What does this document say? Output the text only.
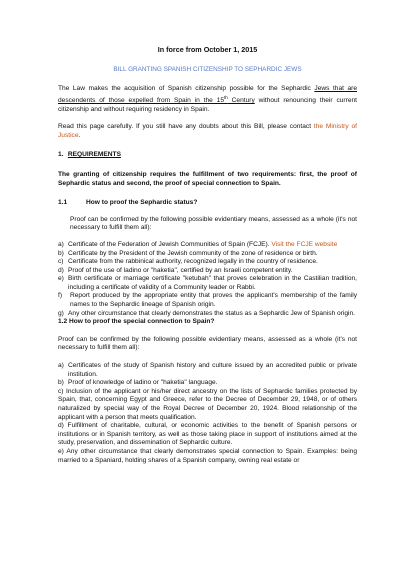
In force from October 1, 2015

BILL GRANTING SPANISH CITIZENSHIP TO SEPHARDIC JEWS

The Law makes the acquisition of Spanish citizenship possible for the Sephardic Jews that are descendents of those expelled from Spain in the 15th Century without renouncing their current citizenship and without requiring residency in Spain.

Read this page carefully. If you still have any doubts about this Bill, please contact the Ministry of Justice.

1. REQUIREMENTS

The granting of citizenship requires the fulfillment of two requirements: first, the proof of Sephardic status and second, the proof of special connection to Spain.

1.1	How to proof the Sephardic status?

Proof can be confirmed by the following possible evidentiary means, assessed as a whole (it's not necessary to fulfill them all):

a) Certificate of the Federation of Jewish Communities of Spain (FCJE). Visit the FCJE website
b) Certificate by the President of the Jewish community of the zone of residence or birth.
c) Certificate from the rabbinical authority, recognized legally in the country of residence.
d) Proof of the use of ladino or "haketia", certified by an Israeli competent entity.
e) Birth certificate or marriage certificate "ketubah" that proves celebration in the Castilian tradition, including a certificate of validity of a Community leader or Rabbi.
f)	Report produced by the appropriate entity that proves the applicant's membership of the family names to the Sephardic lineage of Spanish origin.
g) Any other circumstance that clearly demonstrates the status as a Sephardic Jew of Spanish origin.

1.2 How to proof the special connection to Spain?

Proof can be confirmed by the following possible evidentiary means, assessed as a whole (it's not necessary to fulfill them all):

a) Certificates of the study of Spanish history and culture issued by an accredited public or private institution.
b) Proof of knowledge of ladino or "haketia" language.

c) Inclusion of the applicant or his/her direct ancestry on the lists of Sephardic families protected by Spain, that, concerning Egypt and Greece, refer to the Decree of December 29, 1948, or of others naturalized by special way of the Royal Decree of December 20, 1924. Blood relationship of the applicant with a person that meets qualification.

d) Fulfillment of charitable, cultural, or economic activities to the benefit of Spanish persons or institutions or in Spanish territory, as well as those taking place in support of institutions aimed at the study, preservation, and dissemination of Sephardic culture.

e) Any other circumstance that clearly demonstrates special connection to Spain. Examples: being married to a Spaniard, holding shares of a Spanish company, owning real estate or
